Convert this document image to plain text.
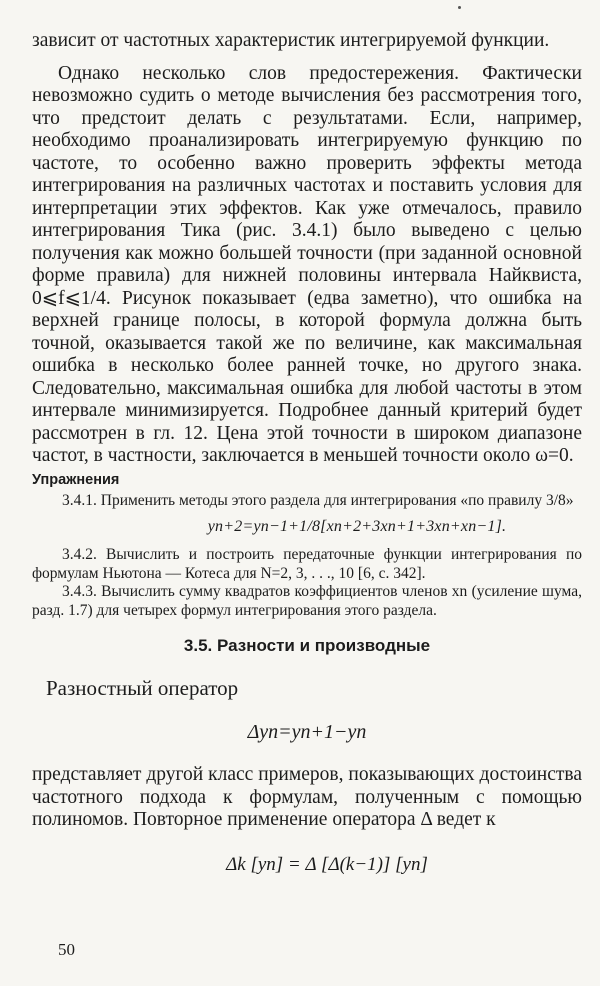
зависит от частотных характеристик интегрируемой функции.

Однако несколько слов предостережения. Фактически невозможно судить о методе вычисления без рассмотрения того, что предстоит делать с результатами. Если, например, необходимо проанализировать интегрируемую функцию по частоте, то особенно важно проверить эффекты метода интегрирования на различных частотах и поставить условия для интерпретации этих эффектов. Как уже отмечалось, правило интегрирования Тика (рис. 3.4.1) было выведено с целью получения как можно большей точности (при заданной основной форме правила) для нижней половины интервала Найквиста, 0⩽f⩽1/4. Рисунок показывает (едва заметно), что ошибка на верхней границе полосы, в которой формула должна быть точной, оказывается такой же по величине, как максимальная ошибка в несколько более ранней точке, но другого знака. Следовательно, максимальная ошибка для любой частоты в этом интервале минимизируется. Подробнее данный критерий будет рассмотрен в гл. 12. Цена этой точности в широком диапазоне частот, в частности, заключается в меньшей точности около ω=0.

Упражнения

3.4.1. Применить методы этого раздела для интегрирования «по правилу 3/8»

yn+2=yn−1+1/8[xn+2+3xn+1+3xn+xn−1].

3.4.2. Вычислить и построить передаточные функции интегрирования по формулам Ньютона — Котеса для N=2, 3, . . ., 10 [6, с. 342].

3.4.3. Вычислить сумму квадратов коэффициентов членов xn (усиление шума, разд. 1.7) для четырех формул интегрирования этого раздела.

3.5. Разности и производные

Разностный оператор

Δyn=yn+1−yn

представляет другой класс примеров, показывающих достоинства частотного подхода к формулам, полученным с помощью полиномов. Повторное применение оператора Δ ведет к

Δk [yn] = Δ [Δ(k−1)] [yn]
50
